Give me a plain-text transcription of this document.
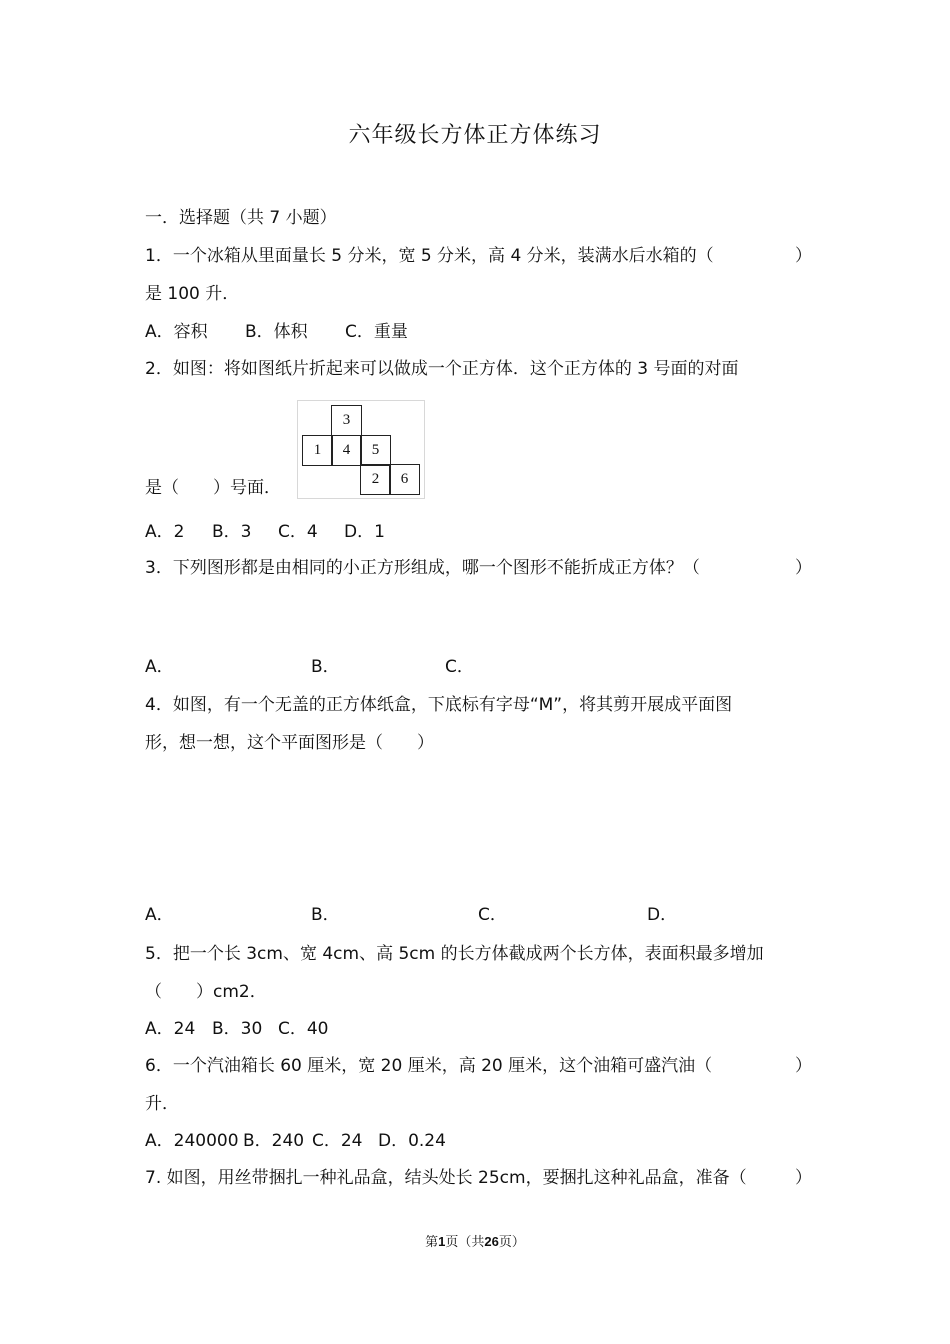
六年级长方体正方体练习
一．选择题（共 7 小题）
1．一个冰箱从里面量长 5 分米，宽 5 分米，高 4 分米，装满水后水箱的（	）
是 100 升．
A．容积 B．体积 C．重量
2．如图：将如图纸片折起来可以做成一个正方体．这个正方体的 3 号面的对面
3
1	4	5
2	6
是（　　）号面．
A．2 B．3 C．4 D．1
3．下列图形都是由相同的小正方形组成，哪一个图形不能折成正方体？（	）
A．	B．	C．
4．如图，有一个无盖的正方体纸盒，下底标有字母“M”，将其剪开展成平面图
形，想一想，这个平面图形是（　　）
A．	B．	C．	D．
5．把一个长 3cm、宽 4cm、高 5cm 的长方体截成两个长方体，表面积最多增加
（　　）cm2．
A．24 B．30 C．40
6．一个汽油箱长 60 厘米，宽 20 厘米，高 20 厘米，这个油箱可盛汽油（	）
升．
A．240000 B．240 C．24 D．0.24
7. 如图，用丝带捆扎一种礼品盒，结头处长 25cm，要捆扎这种礼品盒，准备（	）
第1页（共26页）
